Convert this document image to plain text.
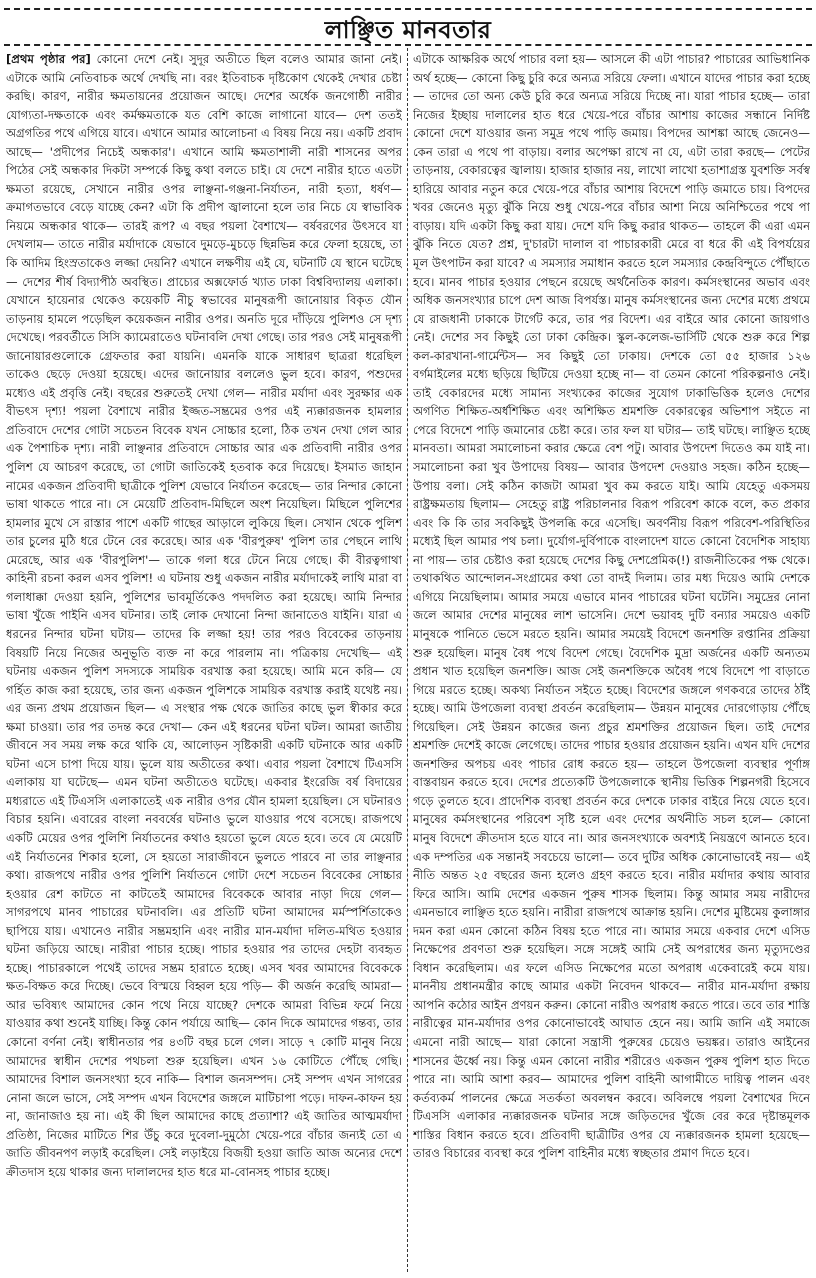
লাঞ্ছিত মানবতার

[প্রথম পৃষ্ঠার পর] কোনো দেশে নেই। সুদূর অতীতে ছিল বলেও আমার জানা নেই। এটাকে আমি নেতিবাচক অর্থে দেখছি না। বরং ইতিবাচক দৃষ্টিকোণ থেকেই দেখার চেষ্টা করছি। কারণ, নারীর ক্ষমতায়নের প্রয়োজন আছে। দেশের অর্ধেক জনগোষ্ঠী নারীর যোগ্যতা-দক্ষতাকে এবং কর্মক্ষমতাকে যত বেশি কাজে লাগানো যাবে— দেশ ততই অগ্রগতির পথে এগিয়ে যাবে। এখানে আমার আলোচনা এ বিষয় নিয়ে নয়। একটি প্রবাদ আছে— 'প্রদীপের নিচেই অন্ধকার'। এখানে আমি ক্ষমতাশালী নারী শাসনের অপর পিঠের সেই অন্ধকার দিকটা সম্পর্কে কিছু কথা বলতে চাই। যে দেশে নারীর হাতে এতটা ক্ষমতা রয়েছে, সেখানে নারীর ওপর লাঞ্ছনা-গঞ্জনা-নির্যাতন, নারী হত্যা, ধর্ষণ— ক্রমাগতভাবে বেড়ে যাচ্ছে কেন? এটা কি প্রদীপ জ্বালানো হলে তার নিচে যে স্বাভাবিক নিয়মে অন্ধকার থাকে— তারই রূপ? এ বছর পয়লা বৈশাখে— বর্ষবরণের উৎসবে যা দেখলাম— তাতে নারীর মর্যাদাকে যেভাবে দুমড়ে-মুচড়ে ছিন্নভিন্ন করে ফেলা হয়েছে, তা কি আদিম হিংস্রতাকেও লজ্জা দেয়নি? এখানে লক্ষণীয় এই যে, ঘটনাটি যে স্থানে ঘটেছে— দেশের শীর্ষ বিদ্যাপীঠ অবস্থিত। প্রাচ্যের অক্সফোর্ড খ্যাত ঢাকা বিশ্ববিদ্যালয় এলাকা। যেখানে হায়েনার থেকেও কয়েকটি নীচু স্বভাবের মানুষরূপী জানোয়ার বিকৃত যৌন তাড়নায় হামলে পড়েছিল কয়েকজন নারীর ওপর। অনতি দূরে দাঁড়িয়ে পুলিশও সে দৃশ্য দেখেছে। পরবর্তীতে সিসি ক্যামেরাতেও ঘটনাবলি দেখা গেছে। তার পরও সেই মানুষরূপী জানোয়ারগুলোকে গ্রেফতার করা যায়নি। এমনকি যাকে সাধারণ ছাত্ররা ধরেছিল তাকেও ছেড়ে দেওয়া হয়েছে। এদের জানোয়ার বললেও ভুল হবে। কারণ, পশুদের মধ্যেও এই প্রবৃত্তি নেই। বছরের শুরুতেই দেখা গেল— নারীর মর্যাদা এবং সুরক্ষার এক বীভৎস দৃশ্য! পয়লা বৈশাখে নারীর ইজ্জত-সম্ভ্রমের ওপর এই ন্যক্কারজনক হামলার প্রতিবাদে দেশের গোটা সচেতন বিবেক যখন সোচ্চার হলো, ঠিক তখন দেখা গেল আর এক পৈশাচিক দৃশ্য। নারী লাঞ্ছনার প্রতিবাদে সোচ্চার আর এক প্রতিবাদী নারীর ওপর পুলিশ যে আচরণ করেছে, তা গোটা জাতিকেই হতবাক করে দিয়েছে। ইসমাত জাহান নামের একজন প্রতিবাদী ছাত্রীকে পুলিশ যেভাবে নির্যাতন করেছে— তার নিন্দার কোনো ভাষা থাকতে পারে না। সে মেয়েটি প্রতিবাদ-মিছিলে অংশ নিয়েছিল। মিছিলে পুলিশের হামলার মুখে সে রাস্তার পাশে একটি গাছের আড়ালে লুকিয়ে ছিল। সেখান থেকে পুলিশ তার চুলের মুঠি ধরে টেনে বের করেছে। আর এক 'বীরপুরুষ' পুলিশ তার পেছনে লাথি মেরেছে, আর এক 'বীরপুলিশ'— তাকে গলা ধরে টেনে নিয়ে গেছে। কী বীরত্বগাথা কাহিনী রচনা করল এসব পুলিশ! এ ঘটনায় শুধু একজন নারীর মর্যাদাকেই লাথি মারা বা গলাধাক্কা দেওয়া হয়নি, পুলিশের ভাবমূর্তিকেও পদদলিত করা হয়েছে। আমি নিন্দার ভাষা খুঁজে পাইনি এসব ঘটনার। তাই লোক দেখানো নিন্দা জানাতেও যাইনি। যারা এ ধরনের নিন্দার ঘটনা ঘটায়— তাদের কি লজ্জা হয়! তার পরও বিবেকের তাড়নায় বিষয়টি নিয়ে নিজের অনুভূতি ব্যক্ত না করে পারলাম না। পত্রিকায় দেখেছি— এই ঘটনায় একজন পুলিশ সদস্যকে সাময়িক বরখাস্ত করা হয়েছে। আমি মনে করি— যে গর্হিত কাজ করা হয়েছে, তার জন্য একজন পুলিশকে সাময়িক বরখাস্ত করাই যথেষ্ট নয়। এর জন্য প্রথম প্রয়োজন ছিল— এ সংস্থার পক্ষ থেকে জাতির কাছে ভুল স্বীকার করে ক্ষমা চাওয়া। তার পর তদন্ত করে দেখা— কেন এই ধরনের ঘটনা ঘটল। আমরা জাতীয় জীবনে সব সময় লক্ষ করে থাকি যে, আলোড়ন সৃষ্টিকারী একটি ঘটনাকে আর একটি ঘটনা এসে চাপা দিয়ে যায়। ভুলে যায় অতীতের কথা। এবার পয়লা বৈশাখে টিএসসি এলাকায় যা ঘটেছে— এমন ঘটনা অতীতেও ঘটেছে। একবার ইংরেজি বর্ষ বিদায়ের মধ্যরাতে এই টিএসসি এলাকাতেই এক নারীর ওপর যৌন হামলা হয়েছিল। সে ঘটনারও বিচার হয়নি। এবারের বাংলা নববর্ষের ঘটনাও ভুলে যাওয়ার পথে বসেছে। রাজপথে একটি মেয়ের ওপর পুলিশি নির্যাতনের কথাও হয়তো ভুলে যেতে হবে। তবে যে মেয়েটি এই নির্যাতনের শিকার হলো, সে হয়তো সারাজীবনে ভুলতে পারবে না তার লাঞ্ছনার কথা। রাজপথে নারীর ওপর পুলিশি নির্যাতনে গোটা দেশে সচেতন বিবেকের সোচ্চার হওয়ার রেশ কাটতে না কাটতেই আমাদের বিবেককে আবার নাড়া দিয়ে গেল— সাগরপথে মানব পাচারের ঘটনাবলি। এর প্রতিটি ঘটনা আমাদের মর্মস্পর্শিতাকেও ছাপিয়ে যায়। এখানেও নারীর সম্ভ্রমহানি এবং নারীর মান-মর্যাদা দলিত-মথিত হওয়ার ঘটনা জড়িয়ে আছে। নারীরা পাচার হচ্ছে। পাচার হওয়ার পর তাদের দেহটা ব্যবহৃত হচ্ছে। পাচারকালে পথেই তাদের সম্ভ্রম হারাতে হচ্ছে। এসব খবর আমাদের বিবেককে ক্ষত-বিক্ষত করে দিচ্ছে। ভেবে বিস্ময়ে বিহ্বল হয়ে পড়ি— কী অর্জন করেছি আমরা— আর ভবিষ্যৎ আমাদের কোন পথে নিয়ে যাচ্ছে? দেশকে আমরা বিভিন্ন ফর্মে নিয়ে যাওয়ার কথা শুনেই যাচ্ছি। কিন্তু কোন পর্যায়ে আছি— কোন দিকে আমাদের গন্তব্য, তার কোনো বর্ণনা নেই। স্বাধীনতার পর ৪৩টি বছর চলে গেল। সাড়ে ৭ কোটি মানুষ নিয়ে আমাদের স্বাধীন দেশের পথচলা শুরু হয়েছিল। এখন ১৬ কোটিতে পৌঁছে গেছি। আমাদের বিশাল জনসংখ্যা হবে নাকি— বিশাল জনসম্পদ। সেই সম্পদ এখন সাগরের নোনা জলে ভাসে, সেই সম্পদ এখন বিদেশের জঙ্গলে মাটিচাপা পড়ে। দাফন-কাফন হয় না, জানাজাও হয় না। এই কী ছিল আমাদের কাছে প্রত্যাশা? এই জাতির আত্মমর্যাদা প্রতিষ্ঠা, নিজের মাটিতে শির উঁচু করে দুবেলা-দুমুঠো খেয়ে-পরে বাঁচার জন্যই তো এ জাতি জীবনপণ লড়াই করেছিল। সেই লড়াইয়ে বিজয়ী হওয়া জাতি আজ অন্যের দেশে ক্রীতদাস হয়ে থাকার জন্য দালালদের হাত ধরে মা-বোনসহ পাচার হচ্ছে।

এটাকে আক্ষরিক অর্থে পাচার বলা হয়— আসলে কী এটা পাচার? পাচারের আভিধানিক অর্থ হচ্ছে— কোনো কিছু চুরি করে অন্যত্র সরিয়ে ফেলা। এখানে যাদের পাচার করা হচ্ছে— তাদের তো অন্য কেউ চুরি করে অন্যত্র সরিয়ে দিচ্ছে না। যারা পাচার হচ্ছে— তারা নিজের ইচ্ছায় দালালের হাত ধরে খেয়ে-পরে বাঁচার আশায় কাজের সন্ধানে নির্দিষ্ট কোনো দেশে যাওয়ার জন্য সমুদ্র পথে পাড়ি জমায়। বিপদের আশঙ্কা আছে জেনেও— কেন তারা এ পথে পা বাড়ায়। বলার অপেক্ষা রাখে না যে, এটা তারা করছে— পেটের তাড়নায়, বেকারত্বের জ্বালায়। হাজার হাজার নয়, লাখো লাখো হতাশাগ্রস্ত যুবশক্তি সর্বস্ব হারিয়ে আবার নতুন করে খেয়ে-পরে বাঁচার আশায় বিদেশে পাড়ি জমাতে চায়। বিপদের খবর জেনেও মৃত্যু ঝুঁকি নিয়ে শুধু খেয়ে-পরে বাঁচার আশা নিয়ে অনিশ্চিতের পথে পা বাড়ায়। যদি একটা কিছু করা যায়। দেশে যদি কিছু করার থাকত— তাহলে কী এরা এমন ঝুঁকি নিতে যেত? প্রশ্ন, দু'চারটা দালাল বা পাচারকারী মেরে বা ধরে কী এই বিপর্যয়ের মূল উৎপাটন করা যাবে? এ সমস্যার সমাধান করতে হলে সমস্যার কেন্দ্রবিন্দুতে পৌঁছাতে হবে। মানব পাচার হওয়ার পেছনে রয়েছে অর্থনৈতিক কারণ। কর্মসংস্থানের অভাব এবং অধিক জনসংখ্যার চাপে দেশ আজ বিপর্যস্ত। মানুষ কর্মসংস্থানের জন্য দেশের মধ্যে প্রথমে যে রাজধানী ঢাকাকে টার্গেট করে, তার পর বিদেশ। এর বাইরে আর কোনো জায়গাও নেই। দেশের সব কিছুই তো ঢাকা কেন্দ্রিক। স্কুল-কলেজ-ভার্সিটি থেকে শুরু করে শিল্প কল-কারখানা-গার্মেন্টস— সব কিছুই তো ঢাকায়। দেশকে তো ৫৫ হাজার ১২৬ বর্গমাইলের মধ্যে ছড়িয়ে ছিটিয়ে দেওয়া হচ্ছে না— বা তেমন কোনো পরিকল্পনাও নেই। তাই বেকারদের মধ্যে সামান্য সংখ্যকের কাজের সুযোগ ঢাকাভিত্তিক হলেও দেশের অগণিত শিক্ষিত-অর্ধশিক্ষিত এবং অশিক্ষিত শ্রমশক্তি বেকারত্বের অভিশাপ সইতে না পেরে বিদেশে পাড়ি জমানোর চেষ্টা করে। তার ফল যা ঘটার— তাই ঘটছে। লাঞ্ছিত হচ্ছে মানবতা। আমরা সমালোচনা করার ক্ষেত্রে বেশ পটু। আবার উপদেশ দিতেও কম যাই না। সমালোচনা করা খুব উপাদেয় বিষয়— আবার উপদেশ দেওয়াও সহজ। কঠিন হচ্ছে— উপায় বলা। সেই কঠিন কাজটা আমরা খুব কম করতে যাই। আমি যেহেতু একসময় রাষ্ট্রক্ষমতায় ছিলাম— সেহেতু রাষ্ট্র পরিচালনার বিরূপ পরিবেশ কাকে বলে, কত প্রকার এবং কি কি তার সবকিছুই উপলব্ধি করে এসেছি। অবর্ণনীয় বিরূপ পরিবেশ-পরিস্থিতির মধ্যেই ছিল আমার পথ চলা। দুর্যোগ-দুর্বিপাকে বাংলাদেশ যাতে কোনো বৈদেশিক সাহায্য না পায়— তার চেষ্টাও করা হয়েছে দেশের কিছু দেশপ্রেমিক(!) রাজনীতিকের পক্ষ থেকে। তথাকথিত আন্দোলন-সংগ্রামের কথা তো বাদই দিলাম। তার মধ্য দিয়েও আমি দেশকে এগিয়ে নিয়েছিলাম। আমার সময়ে এভাবে মানব পাচারের ঘটনা ঘটেনি। সমুদ্রের নোনা জলে আমার দেশের মানুষের লাশ ভাসেনি। দেশে ভয়াবহ দুটি বন্যার সময়েও একটি মানুষকে পানিতে ভেসে মরতে হয়নি। আমার সময়েই বিদেশে জনশক্তি রপ্তানির প্রক্রিয়া শুরু হয়েছিল। মানুষ বৈধ পথে বিদেশ গেছে। বৈদেশিক মুদ্রা অর্জনের একটি অন্যতম প্রধান খাত হয়েছিল জনশক্তি। আজ সেই জনশক্তিকে অবৈধ পথে বিদেশে পা বাড়াতে গিয়ে মরতে হচ্ছে। অকথ্য নির্যাতন সইতে হচ্ছে। বিদেশের জঙ্গলে গণকবরে তাদের ঠাঁই হচ্ছে। আমি উপজেলা ব্যবস্থা প্রবর্তন করেছিলাম— উন্নয়ন মানুষের দোরগোড়ায় পৌঁছে গিয়েছিল। সেই উন্নয়ন কাজের জন্য প্রচুর শ্রমশক্তির প্রয়োজন ছিল। তাই দেশের শ্রমশক্তি দেশেই কাজে লেগেছে। তাদের পাচার হওয়ার প্রয়োজন হয়নি। এখন যদি দেশের জনশক্তির অপচয় এবং পাচার রোধ করতে হয়— তাহলে উপজেলা ব্যবস্থার পূর্ণাঙ্গ বাস্তবায়ন করতে হবে। দেশের প্রত্যেকটি উপজেলাকে স্থানীয় ভিত্তিক শিল্পনগরী হিসেবে গড়ে তুলতে হবে। প্রাদেশিক ব্যবস্থা প্রবর্তন করে দেশকে ঢাকার বাইরে নিয়ে যেতে হবে। মানুষের কর্মসংস্থানের পরিবেশ সৃষ্টি হলে এবং দেশের অর্থনীতি সচল হলে— কোনো মানুষ বিদেশে ক্রীতদাস হতে যাবে না। আর জনসংখ্যাকে অবশ্যই নিয়ন্ত্রণে আনতে হবে। এক দম্পতির এক সন্তানই সবচেয়ে ভালো— তবে দুটির অধিক কোনোভাবেই নয়— এই নীতি অন্তত ২৫ বছরের জন্য হলেও গ্রহণ করতে হবে। নারীর মর্যাদার কথায় আবার ফিরে আসি। আমি দেশের একজন পুরুষ শাসক ছিলাম। কিন্তু আমার সময় নারীদের এমনভাবে লাঞ্ছিত হতে হয়নি। নারীরা রাজপথে আক্রান্ত হয়নি। দেশের মুষ্টিমেয় কুলাঙ্গার দমন করা এমন কোনো কঠিন বিষয় হতে পারে না। আমার সময়ে একবার দেশে এসিড নিক্ষেপের প্রবণতা শুরু হয়েছিল। সঙ্গে সঙ্গেই আমি সেই অপরাধের জন্য মৃত্যুদণ্ডের বিধান করেছিলাম। এর ফলে এসিড নিক্ষেপের মতো অপরাধ একেবারেই কমে যায়। মাননীয় প্রধানমন্ত্রীর কাছে আমার একটা নিবেদন থাকবে— নারীর মান-মর্যাদা রক্ষায় আপনি কঠোর আইন প্রণয়ন করুন। কোনো নারীও অপরাধ করতে পারে। তবে তার শাস্তি নারীত্বের মান-মর্যাদার ওপর কোনোভাবেই আঘাত হেনে নয়। আমি জানি এই সমাজে এমনো নারী আছে— যারা কোনো সন্ত্রাসী পুরুষের চেয়েও ভয়ঙ্কর। তারাও আইনের শাসনের ঊর্ধ্বে নয়। কিন্তু এমন কোনো নারীর শরীরেও একজন পুরুষ পুলিশ হাত দিতে পারে না। আমি আশা করব— আমাদের পুলিশ বাহিনী আগামীতে দায়িত্ব পালন এবং কর্তব্যকর্ম পালনের ক্ষেত্রে সতর্কতা অবলম্বন করবে। অবিলম্বে পয়লা বৈশাখের দিনে টিএসসি এলাকার ন্যক্কারজনক ঘটনার সঙ্গে জড়িতদের খুঁজে বের করে দৃষ্টান্তমূলক শাস্তির বিধান করতে হবে। প্রতিবাদী ছাত্রীটির ওপর যে ন্যক্কারজনক হামলা হয়েছে— তারও বিচারের ব্যবস্থা করে পুলিশ বাহিনীর মধ্যে স্বচ্ছতার প্রমাণ দিতে হবে।
